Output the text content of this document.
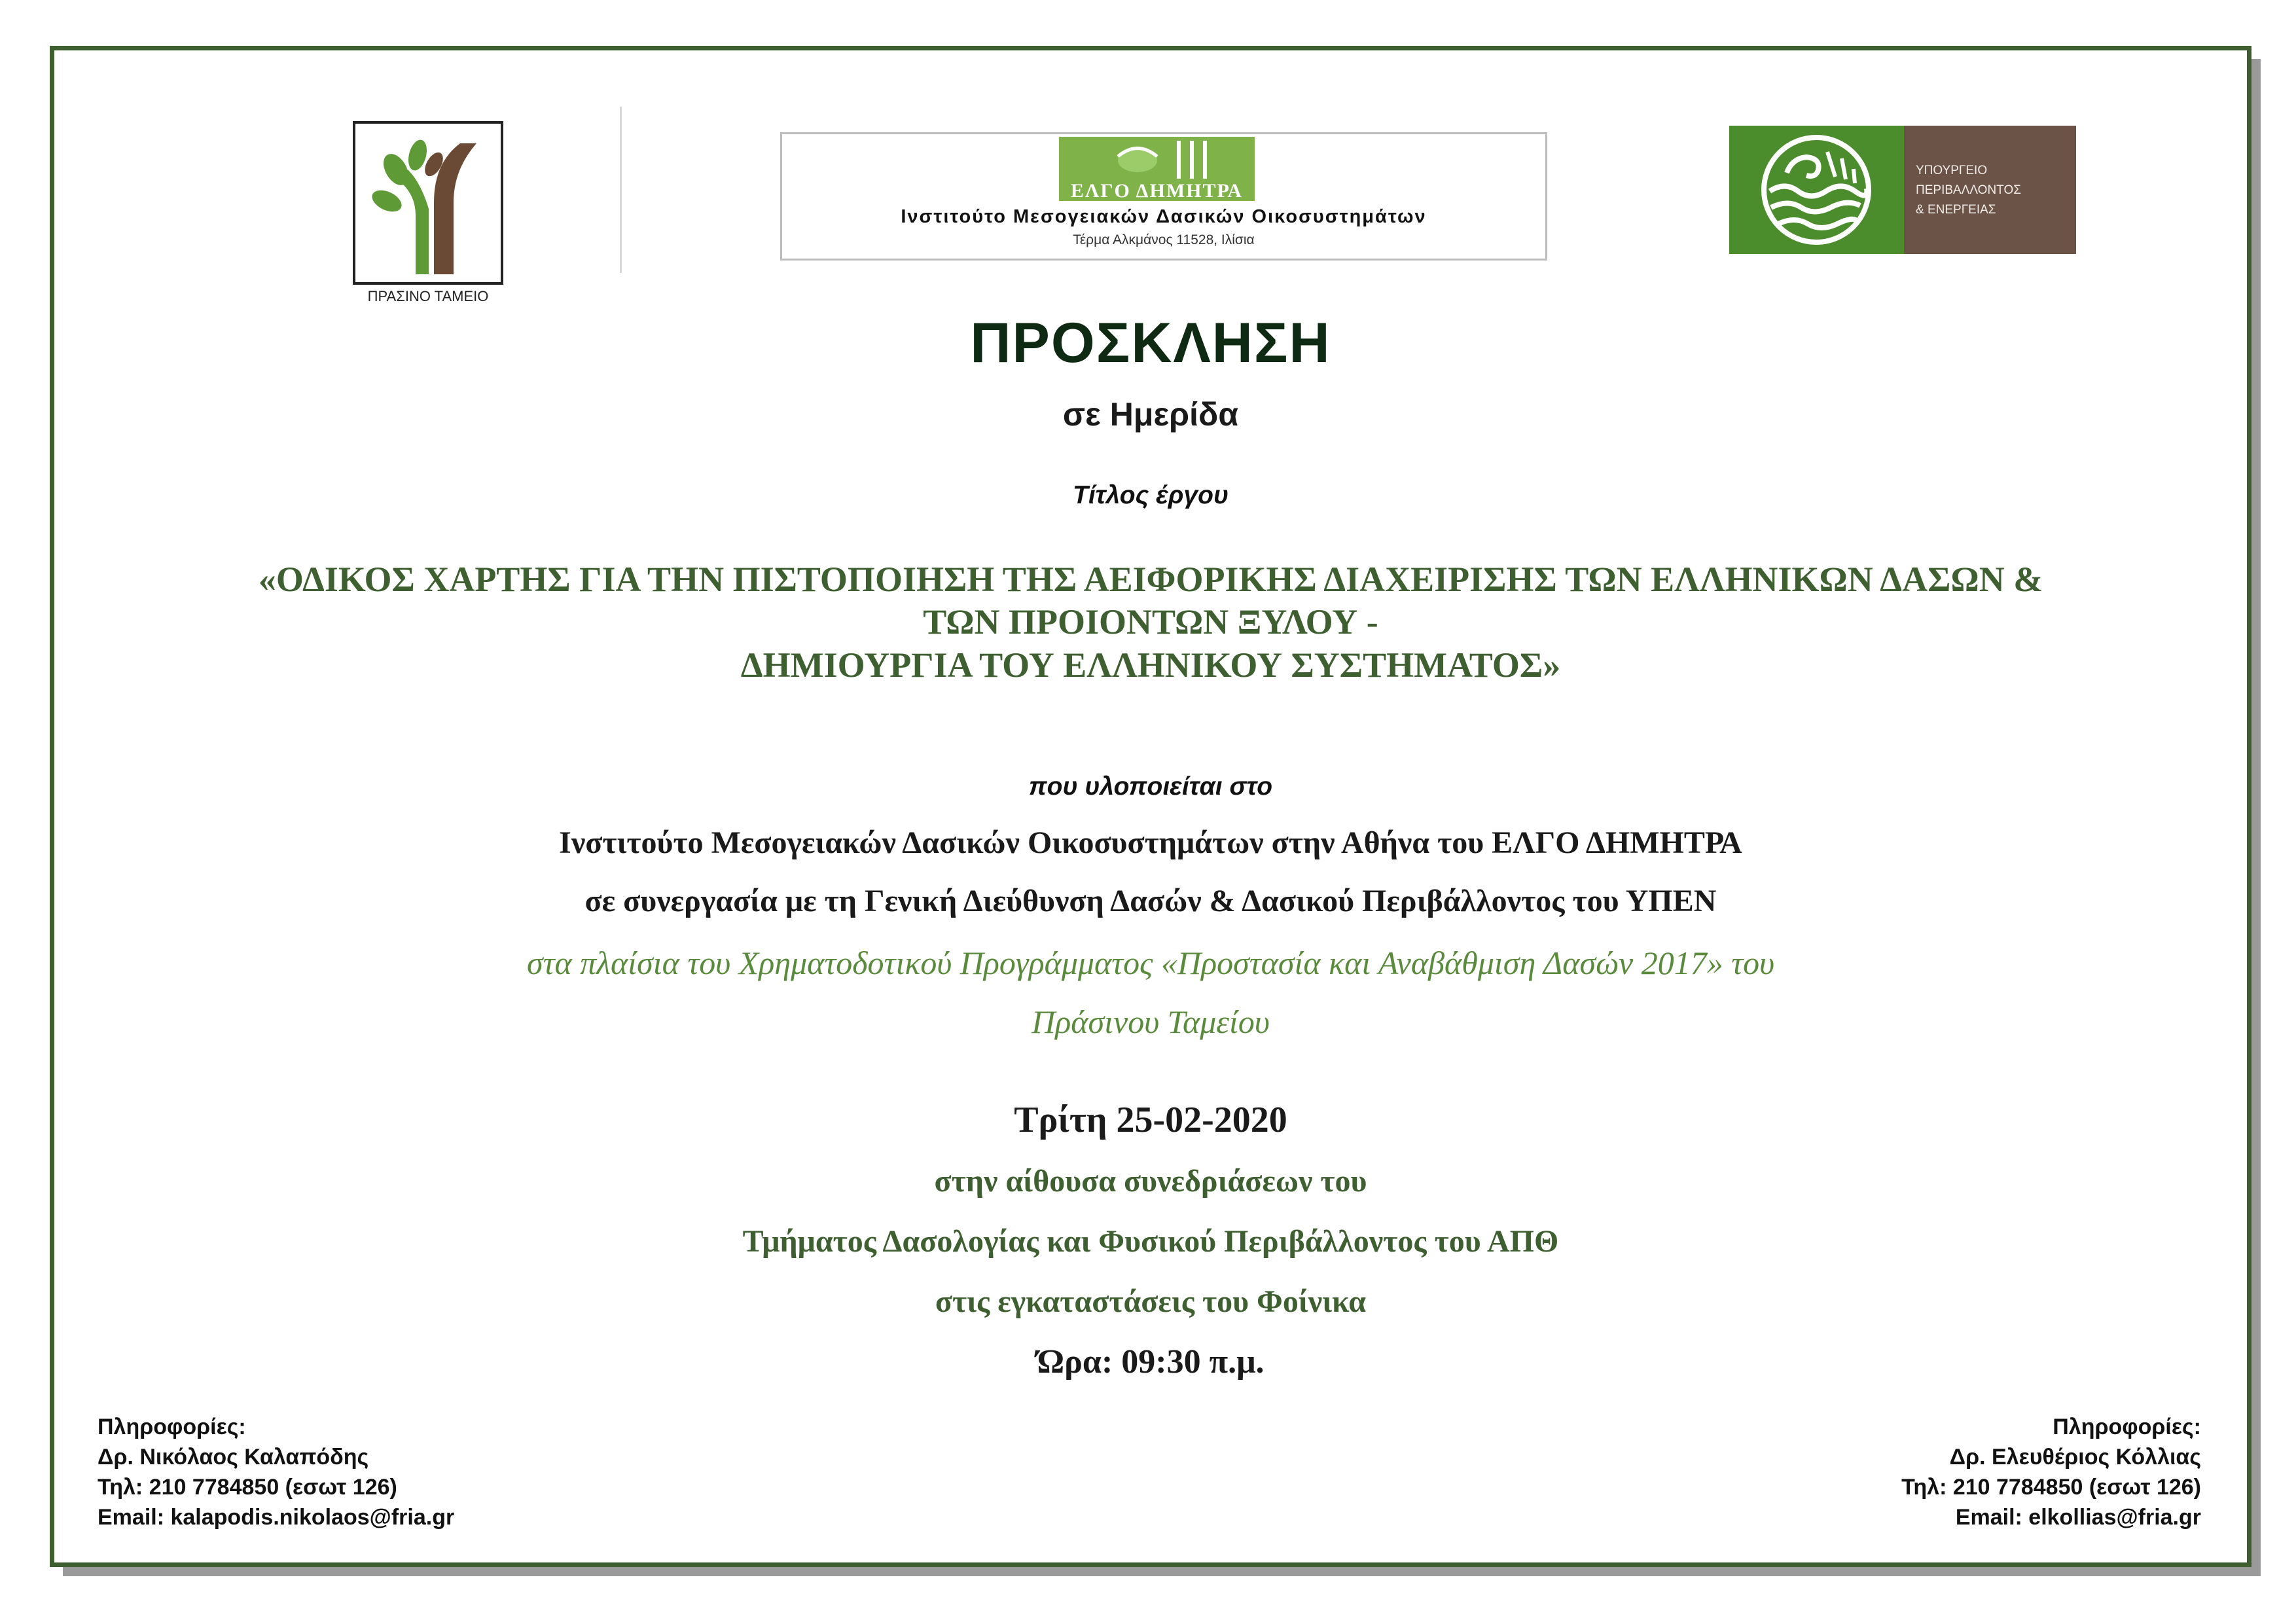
ΠΡΑΣΙΝΟ ΤΑΜΕΙΟ
ΕΛΓΟ ΔΗΜΗΤΡΑ
Ινστιτούτο Μεσογειακών Δασικών Οικοσυστημάτων
Τέρμα Αλκμάνος 11528, Ιλίσια
ΥΠΟΥΡΓΕΙΟ
ΠΕΡΙΒΑΛΛΟΝΤΟΣ
& ΕΝΕΡΓΕΙΑΣ
ΠΡΟΣΚΛΗΣΗ
σε Ημερίδα
Τίτλος έργου
«ΟΔΙΚΟΣ ΧΑΡΤΗΣ ΓΙΑ ΤΗΝ ΠΙΣΤΟΠΟΙΗΣΗ ΤΗΣ ΑΕΙΦΟΡΙΚΗΣ ΔΙΑΧΕΙΡΙΣΗΣ ΤΩΝ ΕΛΛΗΝΙΚΩΝ ΔΑΣΩΝ &
ΤΩΝ ΠΡΟΙΟΝΤΩΝ ΞΥΛΟΥ -
ΔΗΜΙΟΥΡΓΙΑ ΤΟΥ ΕΛΛΗΝΙΚΟΥ ΣΥΣΤΗΜΑΤΟΣ»
που υλοποιείται στο
Ινστιτούτο Μεσογειακών Δασικών Οικοσυστημάτων στην Αθήνα του ΕΛΓΟ ΔΗΜΗΤΡΑ
σε συνεργασία με τη Γενική Διεύθυνση Δασών & Δασικού Περιβάλλοντος του ΥΠΕΝ
στα πλαίσια του Χρηματοδοτικού Προγράμματος «Προστασία και Αναβάθμιση Δασών 2017» του
Πράσινου Ταμείου
Τρίτη 25-02-2020
στην αίθουσα συνεδριάσεων του
Τμήματος Δασολογίας και Φυσικού Περιβάλλοντος του ΑΠΘ
στις εγκαταστάσεις του Φοίνικα
Ώρα: 09:30 π.μ.
Πληροφορίες:
Δρ. Νικόλαος Καλαπόδης
Τηλ: 210 7784850 (εσωτ 126)
Email: kalapodis.nikolaos@fria.gr
Πληροφορίες:
Δρ. Ελευθέριος Κόλλιας
Τηλ: 210 7784850 (εσωτ 126)
Email: elkollias@fria.gr
